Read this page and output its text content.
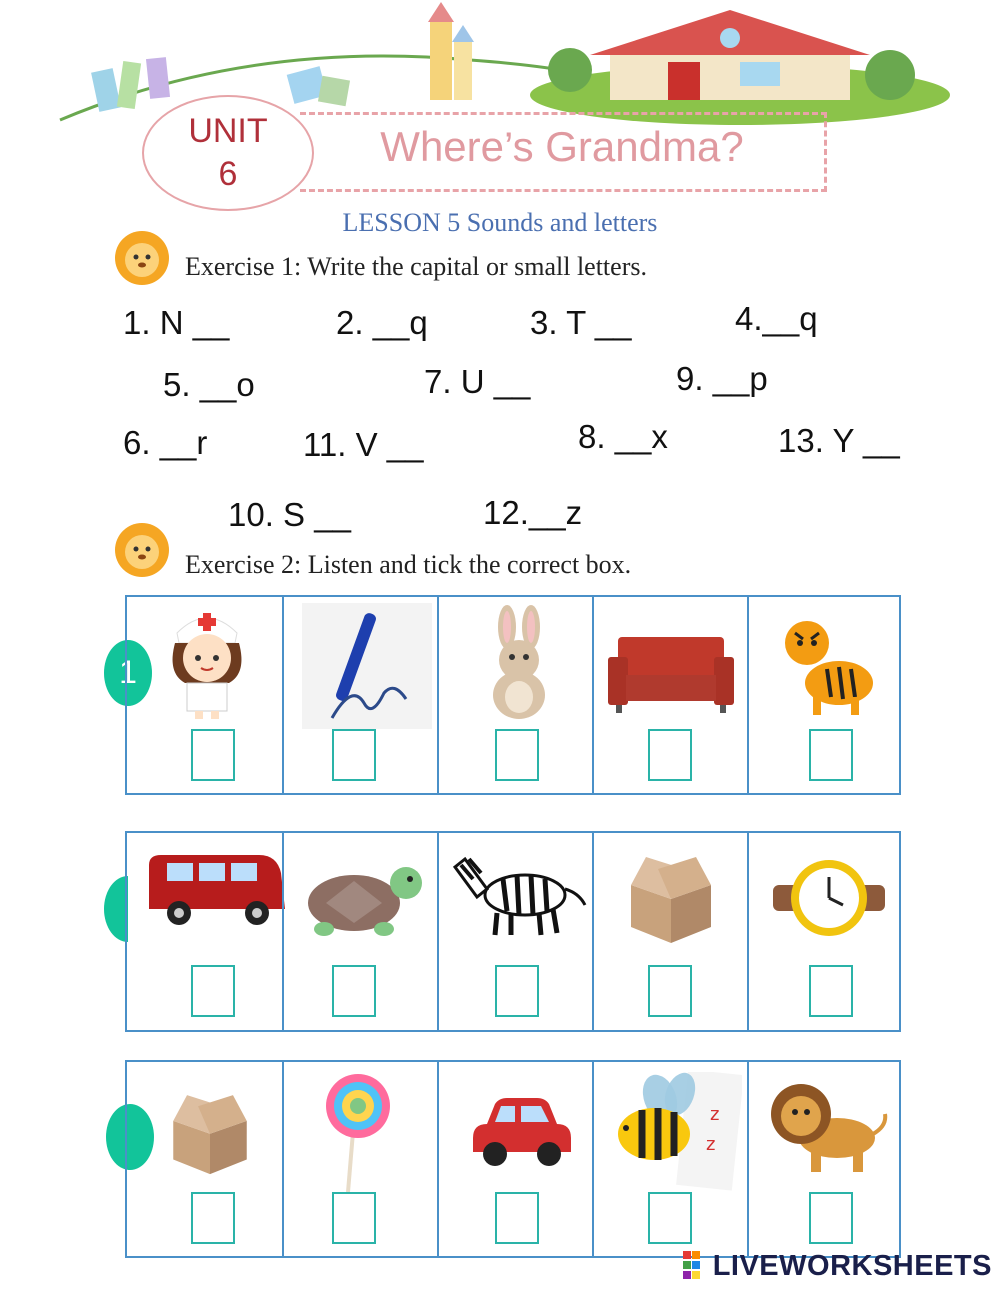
UNIT
6
Where’s Grandma?
LESSON 5 Sounds and letters
Exercise 1: Write the capital or small letters.
1. N __	2. __q	3. T __	4.__q
5. __o	7. U __	9. __p
6. __r	11. V __	8. __x	13. Y __
10. S __	12.__z
Exercise 2: Listen and tick the correct box.
1
z
z
LIVEWORKSHEETS
